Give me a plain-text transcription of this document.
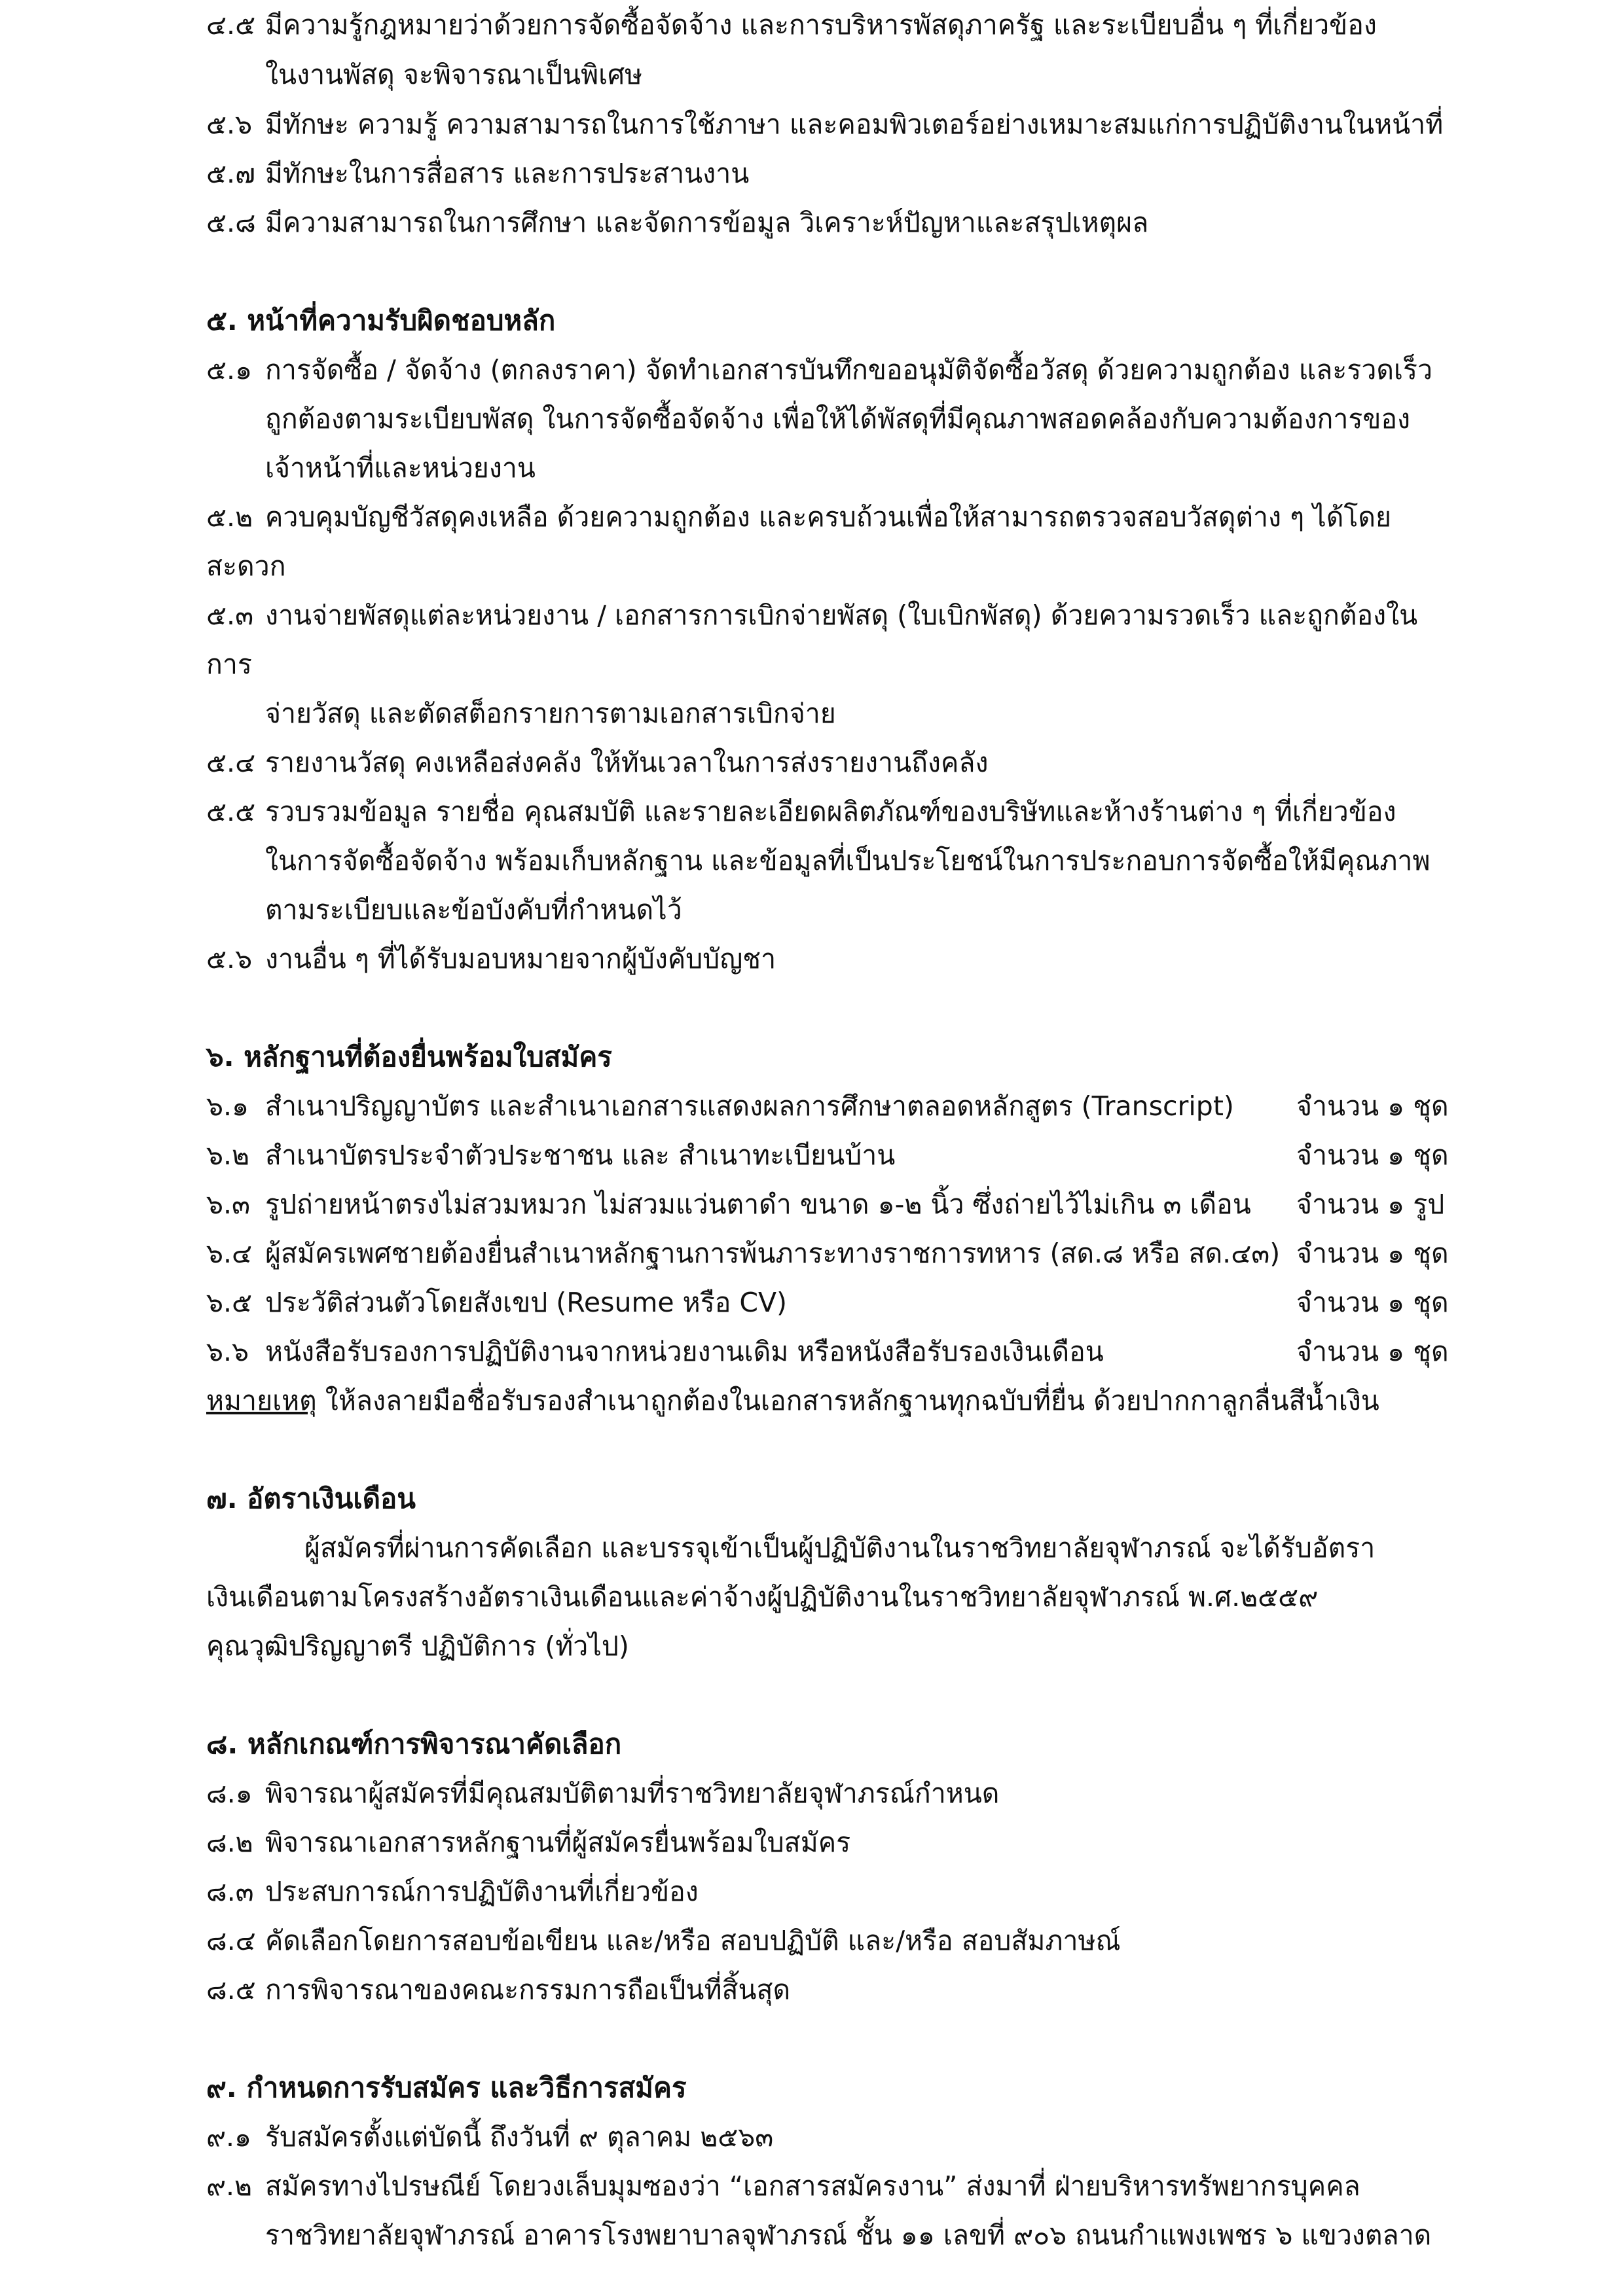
๔.๕ มีความรู้กฎหมายว่าด้วยการจัดซื้อจัดจ้าง และการบริหารพัสดุภาครัฐ และระเบียบอื่น ๆ ที่เกี่ยวข้อง
ในงานพัสดุ จะพิจารณาเป็นพิเศษ
๕.๖ มีทักษะ ความรู้ ความสามารถในการใช้ภาษา และคอมพิวเตอร์อย่างเหมาะสมแก่การปฏิบัติงานในหน้าที่
๕.๗ มีทักษะในการสื่อสาร และการประสานงาน
๕.๘ มีความสามารถในการศึกษา และจัดการข้อมูล วิเคราะห์ปัญหาและสรุปเหตุผล
๕. หน้าที่ความรับผิดชอบหลัก
๕.๑ การจัดซื้อ / จัดจ้าง (ตกลงราคา) จัดทำเอกสารบันทึกขออนุมัติจัดซื้อวัสดุ ด้วยความถูกต้อง และรวดเร็ว
ถูกต้องตามระเบียบพัสดุ ในการจัดซื้อจัดจ้าง เพื่อให้ได้พัสดุที่มีคุณภาพสอดคล้องกับความต้องการของ
เจ้าหน้าที่และหน่วยงาน
๕.๒ ควบคุมบัญชีวัสดุคงเหลือ ด้วยความถูกต้อง และครบถ้วนเพื่อให้สามารถตรวจสอบวัสดุต่าง ๆ ได้โดย
สะดวก
๕.๓ งานจ่ายพัสดุแต่ละหน่วยงาน / เอกสารการเบิกจ่ายพัสดุ (ใบเบิกพัสดุ) ด้วยความรวดเร็ว และถูกต้องใน
การ
จ่ายวัสดุ และตัดสต็อกรายการตามเอกสารเบิกจ่าย
๕.๔ รายงานวัสดุ คงเหลือส่งคลัง ให้ทันเวลาในการส่งรายงานถึงคลัง
๕.๕ รวบรวมข้อมูล รายชื่อ คุณสมบัติ และรายละเอียดผลิตภัณฑ์ของบริษัทและห้างร้านต่าง ๆ ที่เกี่ยวข้อง
ในการจัดซื้อจัดจ้าง พร้อมเก็บหลักฐาน และข้อมูลที่เป็นประโยชน์ในการประกอบการจัดซื้อให้มีคุณภาพ
ตามระเบียบและข้อบังคับที่กำหนดไว้
๕.๖ งานอื่น ๆ ที่ได้รับมอบหมายจากผู้บังคับบัญชา
๖. หลักฐานที่ต้องยื่นพร้อมใบสมัคร
๖.๑ สำเนาปริญญาบัตร และสำเนาเอกสารแสดงผลการศึกษาตลอดหลักสูตร (Transcript) จำนวน ๑ ชุด
๖.๒ สำเนาบัตรประจำตัวประชาชน และ สำเนาทะเบียนบ้าน	จำนวน ๑ ชุด
๖.๓ รูปถ่ายหน้าตรงไม่สวมหมวก ไม่สวมแว่นตาดำ ขนาด ๑-๒ นิ้ว ซึ่งถ่ายไว้ไม่เกิน ๓ เดือน จำนวน ๑ รูป
๖.๔ ผู้สมัครเพศชายต้องยื่นสำเนาหลักฐานการพ้นภาระทางราชการทหาร (สด.๘ หรือ สด.๔๓) จำนวน ๑ ชุด
๖.๕ ประวัติส่วนตัวโดยสังเขป (Resume หรือ CV)	จำนวน ๑ ชุด
๖.๖ หนังสือรับรองการปฏิบัติงานจากหน่วยงานเดิม หรือหนังสือรับรองเงินเดือน	จำนวน ๑ ชุด
หมายเหตุ ให้ลงลายมือชื่อรับรองสำเนาถูกต้องในเอกสารหลักฐานทุกฉบับที่ยื่น ด้วยปากกาลูกลื่นสีน้ำเงิน
๗. อัตราเงินเดือน
ผู้สมัครที่ผ่านการคัดเลือก และบรรจุเข้าเป็นผู้ปฏิบัติงานในราชวิทยาลัยจุฬาภรณ์ จะได้รับอัตรา
เงินเดือนตามโครงสร้างอัตราเงินเดือนและค่าจ้างผู้ปฏิบัติงานในราชวิทยาลัยจุฬาภรณ์ พ.ศ.๒๕๕๙
คุณวุฒิปริญญาตรี ปฏิบัติการ (ทั่วไป)
๘. หลักเกณฑ์การพิจารณาคัดเลือก
๘.๑ พิจารณาผู้สมัครที่มีคุณสมบัติตามที่ราชวิทยาลัยจุฬาภรณ์กำหนด
๘.๒ พิจารณาเอกสารหลักฐานที่ผู้สมัครยื่นพร้อมใบสมัคร
๘.๓ ประสบการณ์การปฏิบัติงานที่เกี่ยวข้อง
๘.๔ คัดเลือกโดยการสอบข้อเขียน และ/หรือ สอบปฏิบัติ และ/หรือ สอบสัมภาษณ์
๘.๕ การพิจารณาของคณะกรรมการถือเป็นที่สิ้นสุด
๙. กำหนดการรับสมัคร และวิธีการสมัคร
๙.๑ รับสมัครตั้งแต่บัดนี้ ถึงวันที่ ๙ ตุลาคม ๒๕๖๓
๙.๒ สมัครทางไปรษณีย์ โดยวงเล็บมุมซองว่า “เอกสารสมัครงาน” ส่งมาที่ ฝ่ายบริหารทรัพยากรบุคคล
ราชวิทยาลัยจุฬาภรณ์ อาคารโรงพยาบาลจุฬาภรณ์ ชั้น ๑๑ เลขที่ ๙๐๖ ถนนกำแพงเพชร ๖ แขวงตลาด
